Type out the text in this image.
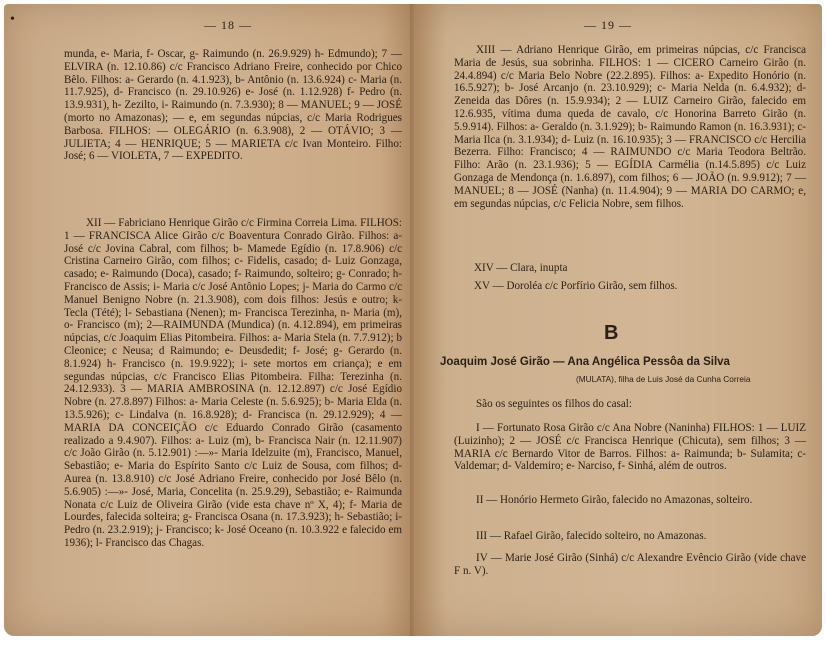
•	— 18 —

munda, e- Maria, f- Oscar, g- Raimundo (n. 26.9.929) h- Edmundo); 7 — ELVIRA (n. 12.10.86) c/c Francisco Adriano Freire, conhecido por Chico Bêlo. Filhos: a- Gerardo (n. 4.1.923), b- Antônio (n. 13.6.924) c- Maria (n. 11.7.925), d- Francisco (n. 29.10.926) e- José (n. 1.12.928) f- Pedro (n. 13.9.931), h- Zezilto, i- Raimundo (n. 7.3.930); 8 — MANUEL; 9 — JOSÉ (morto no Amazonas); — e, em segundas núpcias, c/c Maria Rodrigues Barbosa. FILHOS: — OLEGÁRIO (n. 6.3.908), 2 — OTÁVIO; 3 — JULIETA; 4 — HENRIQUE; 5 — MARIETA c/c Ivan Monteiro. Filho: José; 6 — VIOLETA, 7 — EXPEDITO.

XII — Fabriciano Henrique Girão c/c Firmina Correia Lima. FILHOS: 1 — FRANCISCA Alice Girão c/c Boaventura Conrado Girão. Filhos: a- José c/c Jovina Cabral, com filhos; b- Mamede Egídio (n. 17.8.906) c/c Cristina Carneiro Girão, com filhos; c- Fidelis, casado; d- Luiz Gonzaga, casado; e- Raimundo (Doca), casado; f- Raimundo, solteiro; g- Conrado; h- Francisco de Assis; i- Maria c/c José Antônio Lopes; j- Maria do Carmo c/c Manuel Benigno Nobre (n. 21.3.908), com dois filhos: Jesús e outro; k- Tecla (Tété); l- Sebastiana (Nenen); m- Francisca Terezinha, n- Maria (m), o- Francisco (m); 2—RAIMUNDA (Mundica) (n. 4.12.894), em primeiras núpcias, c/c Joaquim Elias Pitombeira. Filhos: a- Maria Stela (n. 7.7.912); b Cleonice; c Neusa; d Raimundo; e- Deusdedit; f- José; g- Gerardo (n. 8.1.924) h- Francisco (n. 19.9.922); i- sete mortos em criança); e em segundas núpcias, c/c Francisco Elias Pitombeira. Filha: Terezinha (n. 24.12.933). 3 — MARIA AMBROSINA (n. 12.12.897) c/c José Egídio Nobre (n. 27.8.897) Filhos: a- Maria Celeste (n. 5.6.925); b- Maria Elda (n. 13.5.926); c- Lindalva (n. 16.8.928); d- Francisca (n. 29.12.929); 4 — MARIA DA CONCEIÇÃO c/c Eduardo Conrado Girão (casamento realizado a 9.4.907). Filhos: a- Luiz (m), b- Francisca Nair (n. 12.11.907) c/c João Girão (n. 5.12.901) :—»- Maria Idelzuite (m), Francisco, Manuel, Sebastião; e- Maria do Espírito Santo c/c Luiz de Sousa, com filhos; d- Aurea (n. 13.8.910) c/c José Adriano Freire, conhecido por José Bêlo (n. 5.6.905) :—»- José, Maria, Concelita (n. 25.9.29), Sebastião; e- Raimunda Nonata c/c Luiz de Oliveira Girão (vide esta chave nº X, 4); f- Maria de Lourdes, falecida solteira; g- Francisca Osana (n. 17.3.923); h- Sebastião; i- Pedro (n. 23.2.919); j- Francisco; k- José Oceano (n. 10.3.922 e falecido em 1936); l- Francisco das Chagas.

— 19 —

XIII — Adriano Henrique Girão, em primeiras núpcias, c/c Francisca Maria de Jesús, sua sobrinha. FILHOS: 1 — CICERO Carneiro Girão (n. 24.4.894) c/c Maria Belo Nobre (22.2.895). Filhos: a- Expedito Honório (n. 16.5.927); b- José Arcanjo (n. 23.10.929); c- Maria Nelda (n. 6.4.932); d- Zeneida das Dôres (n. 15.9.934); 2 — LUIZ Carneiro Girão, falecido em 12.6.935, vítima duma queda de cavalo, c/c Honorina Barreto Girão (n. 5.9.914). Filhos: a- Geraldo (n. 3.1.929); b- Raimundo Ramon (n. 16.3.931); c- Maria Ilca (n. 3.1.934); d- Luiz (n. 16.10.935); 3 — FRANCISCO c/c Hercilia Bezerra. Filho: Francisco; 4 — RAIMUNDO c/c Maria Teodora Beltrão. Filho: Arão (n. 23.1.936); 5 — EGÍDIA Carmélia (n.14.5.895) c/c Luiz Gonzaga de Mendonça (n. 1.6.897), com filhos; 6 — JOÃO (n. 9.9.912); 7 — MANUEL; 8 — JOSÉ (Nanha) (n. 11.4.904); 9 — MARIA DO CARMO; e, em segundas núpcias, c/c Felicia Nobre, sem filhos.

XIV — Clara, inupta

XV — Doroléa c/c Porfírio Girão, sem filhos.

B
Joaquim José Girão — Ana Angélica Pessôa da Silva
(MULATA), filha de Luis José da Cunha Correia

São os seguintes os filhos do casal:

I — Fortunato Rosa Girão c/c Ana Nobre (Naninha) FILHOS: 1 — LUIZ (Luizinho); 2 — JOSÉ c/c Francisca Henrique (Chicuta), sem filhos; 3 — MARIA c/c Bernardo Vitor de Barros. Filhos: a- Raimunda; b- Sulamita; c- Valdemar; d- Valdemiro; e- Narciso, f- Sinhá, além de outros.

II — Honório Hermeto Girão, falecido no Amazonas, solteiro.

III — Rafael Girão, falecido solteiro, no Amazonas.

IV — Marie José Girão (Sinhá) c/c Alexandre Evêncio Girão (vide chave F n. V).
